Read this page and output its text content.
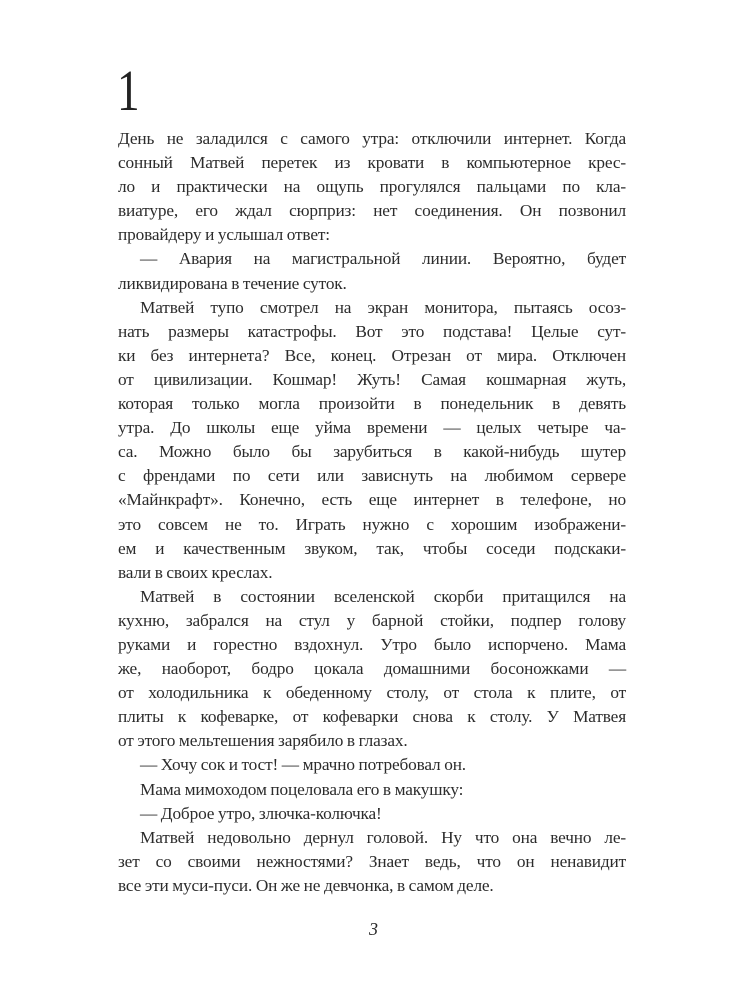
1
День не заладился с самого утра: отключили интернет. Когда
сонный Матвей перетек из кровати в компьютерное крес-
ло и практически на ощупь прогулялся пальцами по кла-
виатуре, его ждал сюрприз: нет соединения. Он позвонил
провайдеру и услышал ответ:
— Авария на магистральной линии. Вероятно, будет
ликвидирована в течение суток.
Матвей тупо смотрел на экран монитора, пытаясь осоз-
нать размеры катастрофы. Вот это подстава! Целые сут-
ки без интернета? Все, конец. Отрезан от мира. Отключен
от цивилизации. Кошмар! Жуть! Самая кошмарная жуть,
которая только могла произойти в понедельник в девять
утра. До школы еще уйма времени — целых четыре ча-
са. Можно было бы зарубиться в какой-нибудь шутер
с френдами по сети или зависнуть на любимом сервере
«Майнкрафт». Конечно, есть еще интернет в телефоне, но
это совсем не то. Играть нужно с хорошим изображени-
ем и качественным звуком, так, чтобы соседи подскаки-
вали в своих креслах.
Матвей в состоянии вселенской скорби притащился на
кухню, забрался на стул у барной стойки, подпер голову
руками и горестно вздохнул. Утро было испорчено. Мама
же, наоборот, бодро цокала домашними босоножками —
от холодильника к обеденному столу, от стола к плите, от
плиты к кофеварке, от кофеварки снова к столу. У Матвея
от этого мельтешения зарябило в глазах.
— Хочу сок и тост! — мрачно потребовал он.
Мама мимоходом поцеловала его в макушку:
— Доброе утро, злючка-колючка!
Матвей недовольно дернул головой. Ну что она вечно ле-
зет со своими нежностями? Знает ведь, что он ненавидит
все эти муси-пуси. Он же не девчонка, в самом деле.
3
